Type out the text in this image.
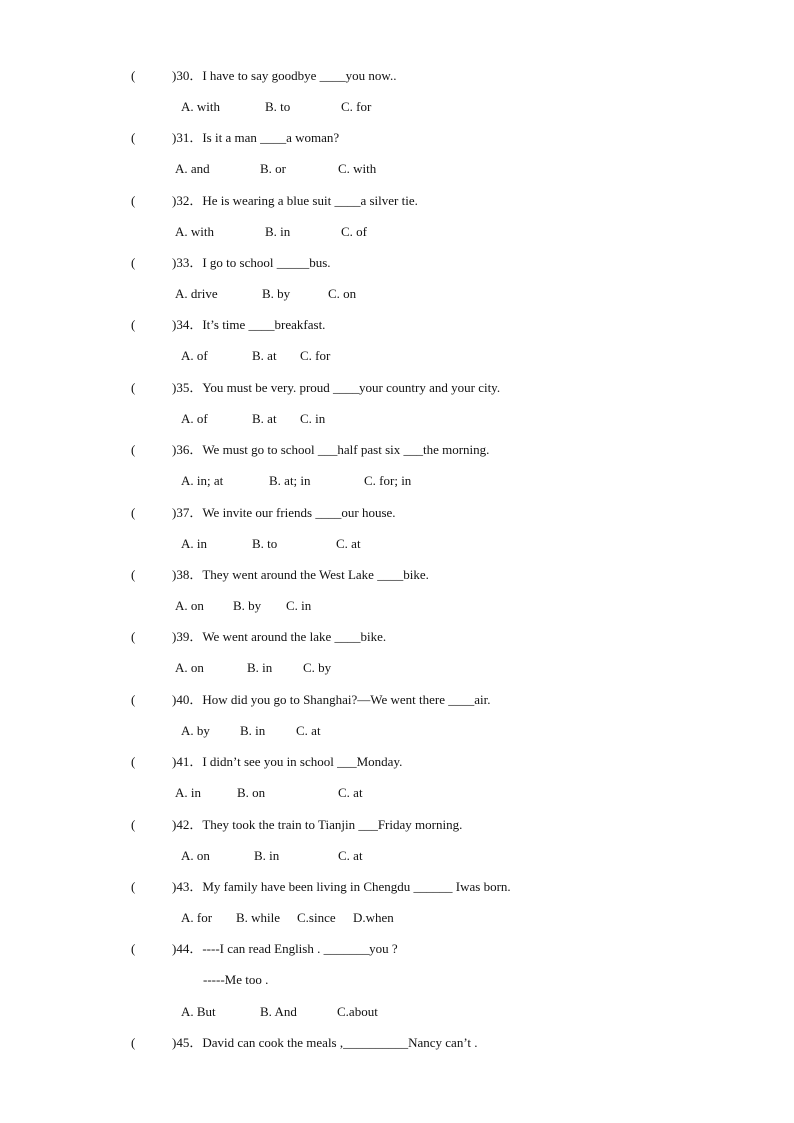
(	)30．I have to say goodbye ____you now..
A. with	B. to	C. for
(	)31．Is it a man ____a woman?
A. and	B. or	C. with
(	)32．He is wearing a blue suit ____a silver tie.
A. with	B. in	C. of
(	)33．I go to school _____bus.
A. drive	B. by	C. on
(	)34．It’s time ____breakfast.
A. of	B. at C. for
(	)35．You must be very. proud ____your country and your city.
A. of	B. at C. in
(	)36．We must go to school ___half past six ___the morning.
A. in; at	B. at; in	C. for; in
(	)37．We invite our friends ____our house.
A. in	B. to	C. at
(	)38．They went around the West Lake ____bike.
A. on B. by C. in
(	)39．We went around the lake ____bike.
A. on	B. in C. by
(	)40．How did you go to Shanghai?—We went there ____air.
A. by B. in C. at
(	)41．I didn’t see you in school ___Monday.
A. in	B. on	C. at
(	)42．They took the train to Tianjin ___Friday morning.
A. on	B. in	C. at
(	)43．My family have been living in Chengdu ______ Iwas born.
A. for B. while C.since D.when
(	)44．----I can read English . _______you ?
-----Me too .
A. But	B. And	C.about
(	)45．David can cook the meals ,__________Nancy can’t .
